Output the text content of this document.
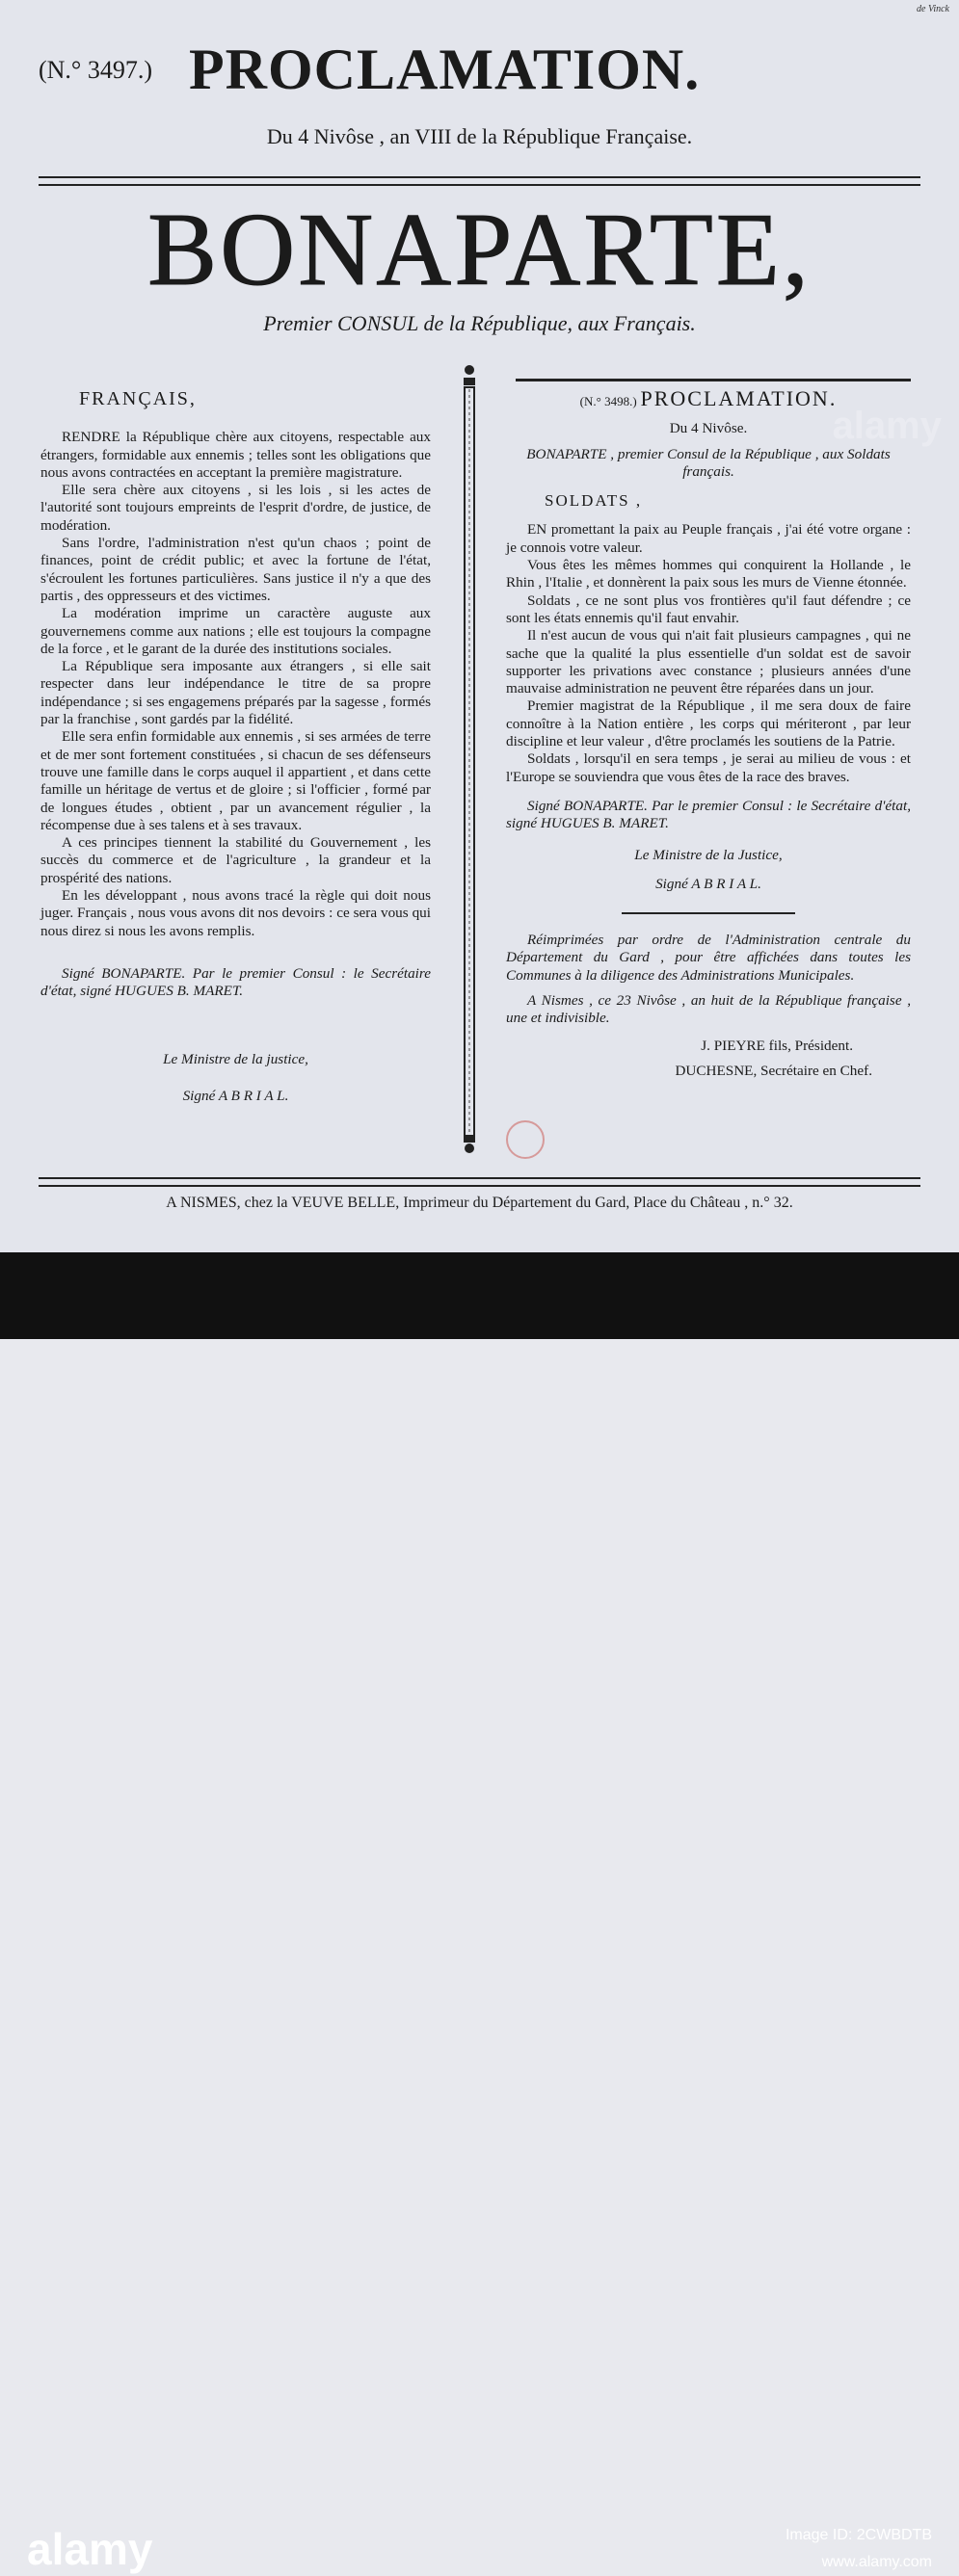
de Vinck
(N.° 3497.) PROCLAMATION.
Du 4 Nivôse , an VIII de la République Française.
BONAPARTE,
Premier CONSUL de la République, aux Français.

FRANÇAIS,

RENDRE la République chère aux citoyens, respectable aux étrangers, formidable aux ennemis ; telles sont les obligations que nous avons contractées en acceptant la première magistrature.

Elle sera chère aux citoyens , si les lois , si les actes de l'autorité sont toujours empreints de l'esprit d'ordre, de justice, de modération.

Sans l'ordre, l'administration n'est qu'un chaos ; point de finances, point de crédit public; et avec la fortune de l'état, s'écroulent les fortunes particulières. Sans justice il n'y a que des partis , des oppresseurs et des victimes.

La modération imprime un caractère auguste aux gouvernemens comme aux nations ; elle est toujours la compagne de la force , et le garant de la durée des institutions sociales.

La République sera imposante aux étrangers , si elle sait respecter dans leur indépendance le titre de sa propre indépendance ; si ses engagemens préparés par la sagesse , formés par la franchise , sont gardés par la fidélité.

Elle sera enfin formidable aux ennemis , si ses armées de terre et de mer sont fortement constituées , si chacun de ses défenseurs trouve une famille dans le corps auquel il appartient , et dans cette famille un héritage de vertus et de gloire ; si l'officier , formé par de longues études , obtient , par un avancement régulier , la récompense due à ses talens et à ses travaux.

A ces principes tiennent la stabilité du Gouvernement , les succès du commerce et de l'agriculture , la grandeur et la prospérité des nations.

En les développant , nous avons tracé la règle qui doit nous juger. Français , nous vous avons dit nos devoirs : ce sera vous qui nous direz si nous les avons remplis.

Signé BONAPARTE. Par le premier Consul : le Secrétaire d'état, signé HUGUES B. MARET.

Le Ministre de la justice,

Signé A B R I A L.

(N.° 3498.) PROCLAMATION.

Du 4 Nivôse.

BONAPARTE , premier Consul de la République , aux Soldats français.

SOLDATS ,

EN promettant la paix au Peuple français , j'ai été votre organe : je connois votre valeur.

Vous êtes les mêmes hommes qui conquirent la Hollande , le Rhin , l'Italie , et donnèrent la paix sous les murs de Vienne étonnée.

Soldats , ce ne sont plus vos frontières qu'il faut défendre ; ce sont les états ennemis qu'il faut envahir.

Il n'est aucun de vous qui n'ait fait plusieurs campagnes , qui ne sache que la qualité la plus essentielle d'un soldat est de savoir supporter les privations avec constance ; plusieurs années d'une mauvaise administration ne peuvent être réparées dans un jour.

Premier magistrat de la République , il me sera doux de faire connoître à la Nation entière , les corps qui mériteront , par leur discipline et leur valeur , d'être proclamés les soutiens de la Patrie.

Soldats , lorsqu'il en sera temps , je serai au milieu de vous : et l'Europe se souviendra que vous êtes de la race des braves.

Signé BONAPARTE. Par le premier Consul : le Secrétaire d'état, signé HUGUES B. MARET.

Le Ministre de la Justice,

Signé A B R I A L.

Réimprimées par ordre de l'Administration centrale du Département du Gard , pour être affichées dans toutes les Communes à la diligence des Administrations Municipales.

A Nismes , ce 23 Nivôse , an huit de la République française , une et indivisible.

J. PIEYRE fils, Président.

DUCHESNE, Secrétaire en Chef.

A NISMES, chez la VEUVE BELLE, Imprimeur du Département du Gard, Place du Château , n.° 32.
alamy
alamy	Image ID: 2CWBDTB
www.alamy.com
